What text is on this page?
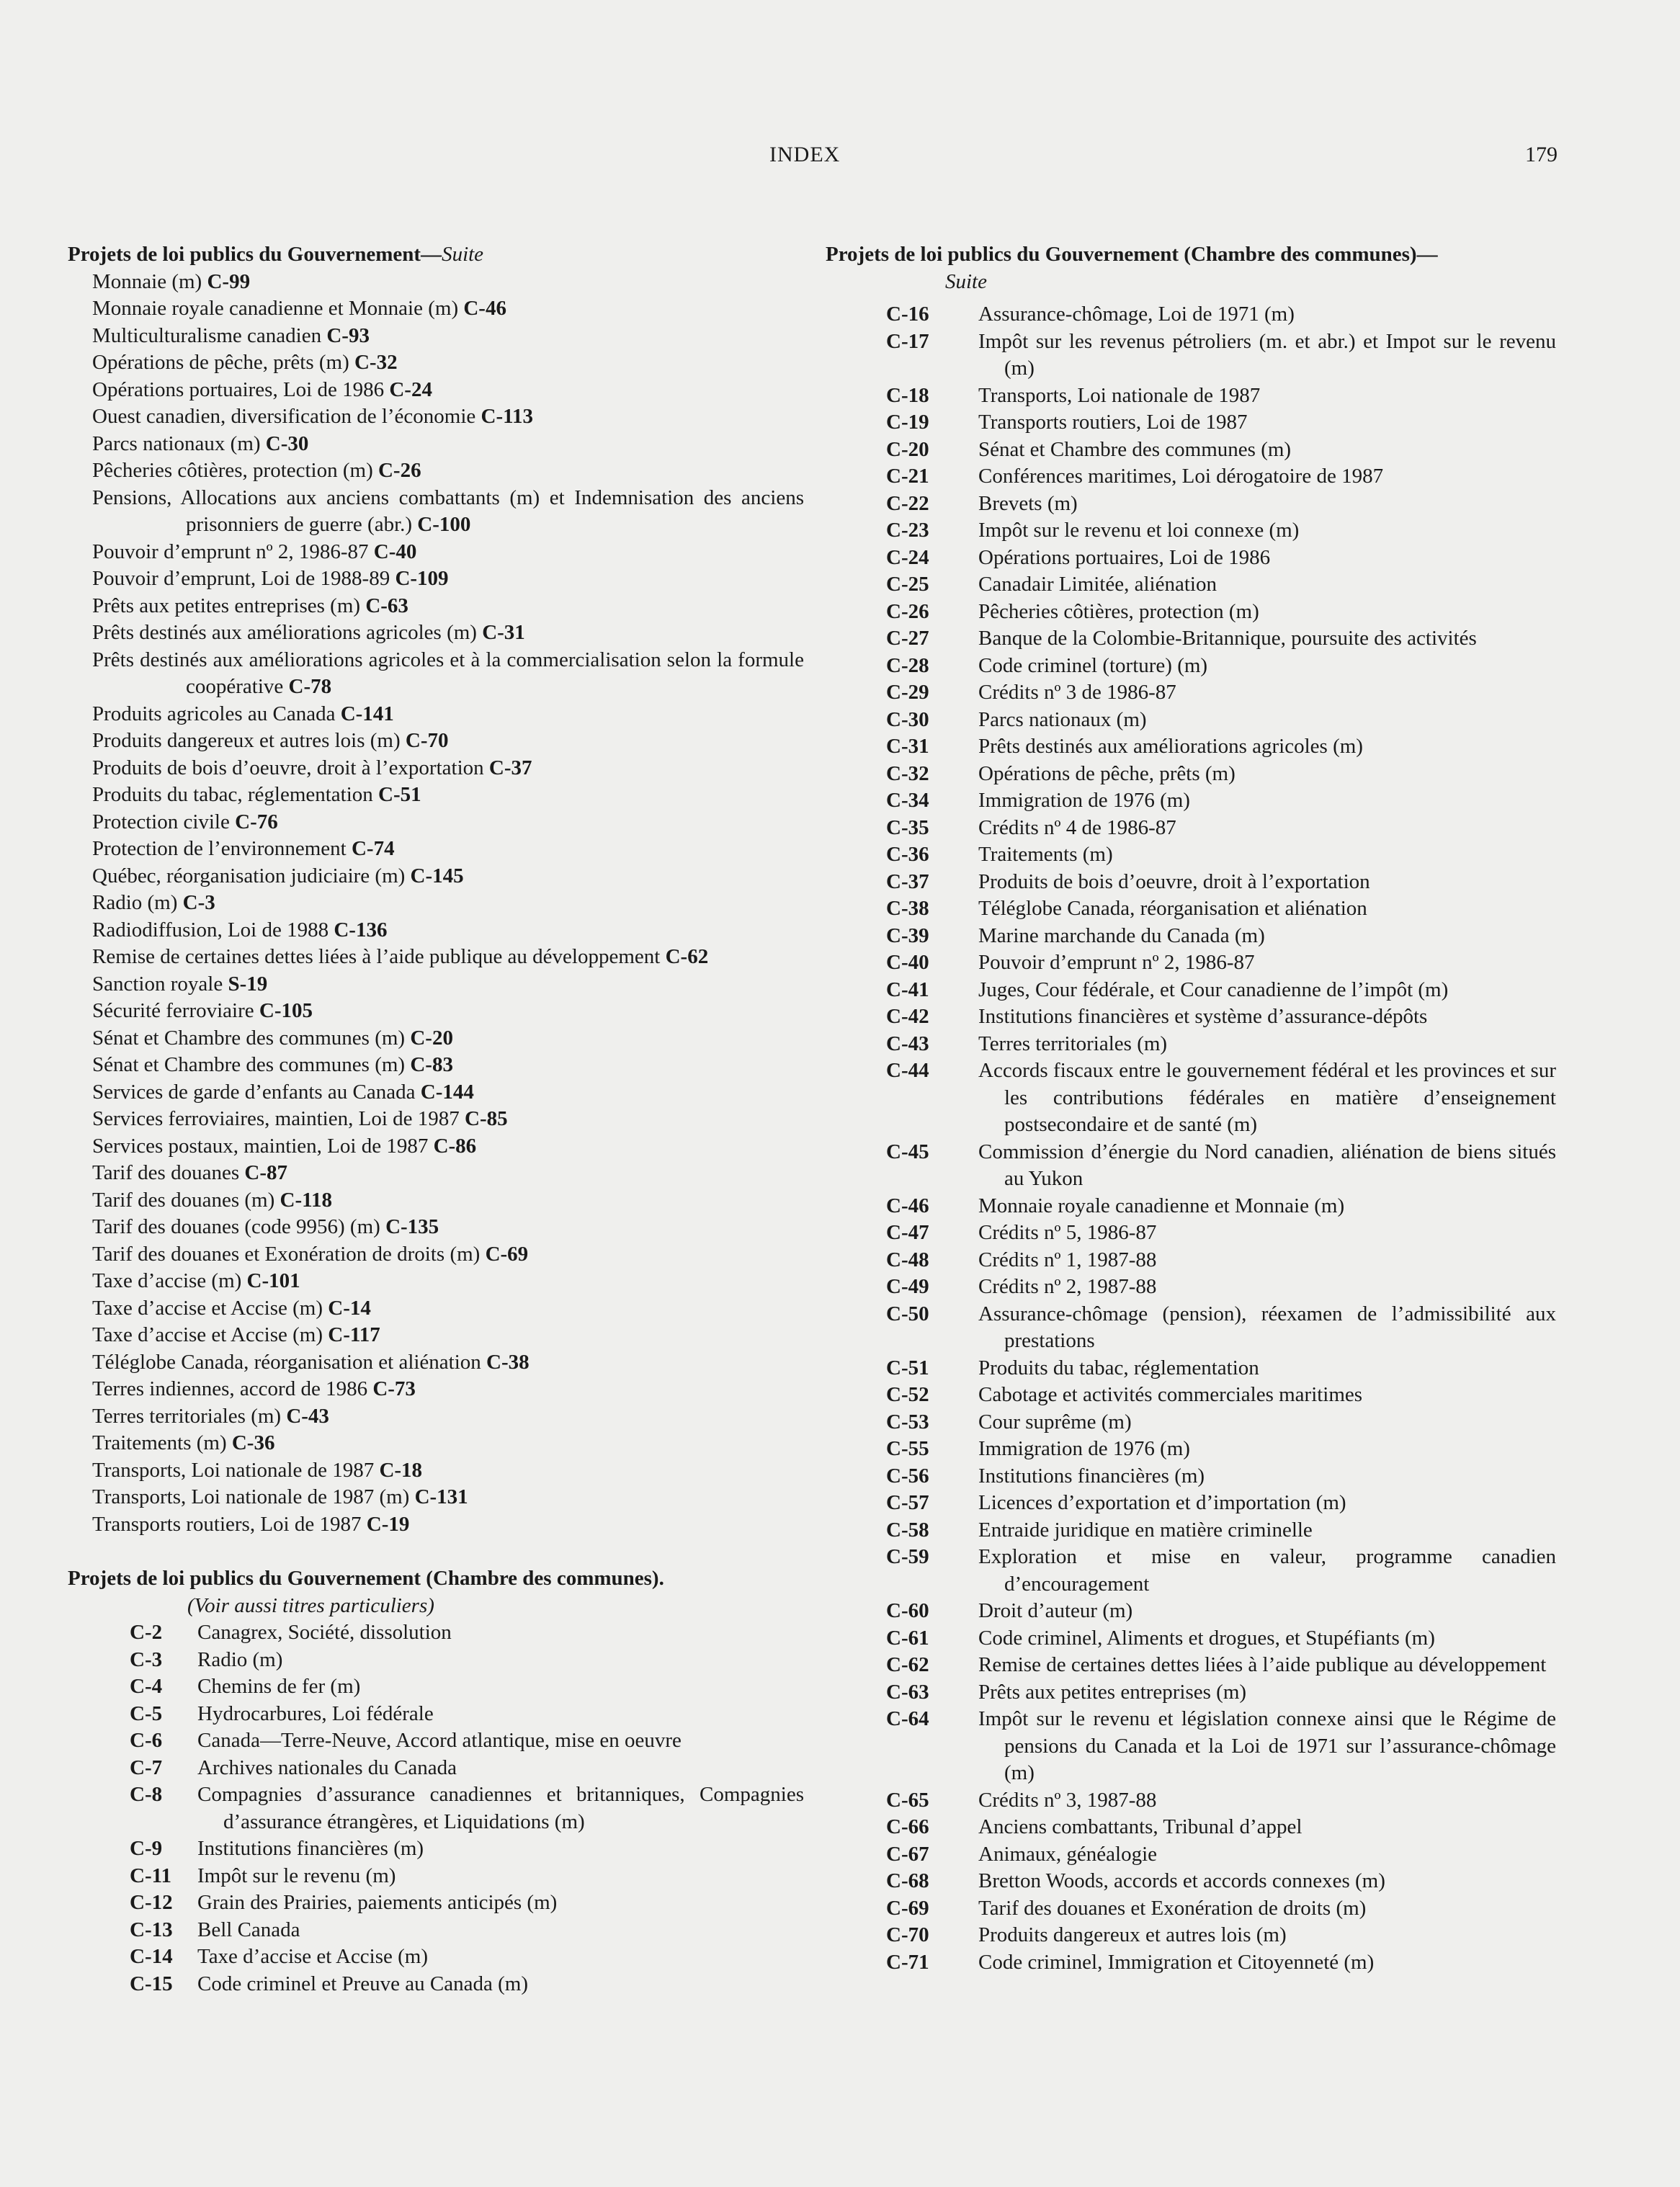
INDEX	179
Projets de loi publics du Gouvernement—Suite
Monnaie (m) C-99
Monnaie royale canadienne et Monnaie (m) C-46
Multiculturalisme canadien C-93
Opérations de pêche, prêts (m) C-32
Opérations portuaires, Loi de 1986 C-24
Ouest canadien, diversification de l’économie C-113
Parcs nationaux (m) C-30
Pêcheries côtières, protection (m) C-26
Pensions, Allocations aux anciens combattants (m) et Indemnisation des anciens prisonniers de guerre (abr.) C-100
Pouvoir d’emprunt nº 2, 1986-87 C-40
Pouvoir d’emprunt, Loi de 1988-89 C-109
Prêts aux petites entreprises (m) C-63
Prêts destinés aux améliorations agricoles (m) C-31
Prêts destinés aux améliorations agricoles et à la commercialisation selon la formule coopérative C-78
Produits agricoles au Canada C-141
Produits dangereux et autres lois (m) C-70
Produits de bois d’oeuvre, droit à l’exportation C-37
Produits du tabac, réglementation C-51
Protection civile C-76
Protection de l’environnement C-74
Québec, réorganisation judiciaire (m) C-145
Radio (m) C-3
Radiodiffusion, Loi de 1988 C-136
Remise de certaines dettes liées à l’aide publique au développement C-62
Sanction royale S-19
Sécurité ferroviaire C-105
Sénat et Chambre des communes (m) C-20
Sénat et Chambre des communes (m) C-83
Services de garde d’enfants au Canada C-144
Services ferroviaires, maintien, Loi de 1987 C-85
Services postaux, maintien, Loi de 1987 C-86
Tarif des douanes C-87
Tarif des douanes (m) C-118
Tarif des douanes (code 9956) (m) C-135
Tarif des douanes et Exonération de droits (m) C-69
Taxe d’accise (m) C-101
Taxe d’accise et Accise (m) C-14
Taxe d’accise et Accise (m) C-117
Téléglobe Canada, réorganisation et aliénation C-38
Terres indiennes, accord de 1986 C-73
Terres territoriales (m) C-43
Traitements (m) C-36
Transports, Loi nationale de 1987 C-18
Transports, Loi nationale de 1987 (m) C-131
Transports routiers, Loi de 1987 C-19
Projets de loi publics du Gouvernement (Chambre des communes).
(Voir aussi titres particuliers)
C-2	Canagrex, Société, dissolution
C-3	Radio (m)
C-4	Chemins de fer (m)
C-5	Hydrocarbures, Loi fédérale
C-6	Canada—Terre-Neuve, Accord atlantique, mise en oeuvre
C-7	Archives nationales du Canada
C-8	Compagnies d’assurance canadiennes et britanniques, Compagnies d’assurance étrangères, et Liquidations (m)
C-9	Institutions financières (m)
C-11	Impôt sur le revenu (m)
C-12	Grain des Prairies, paiements anticipés (m)
C-13	Bell Canada
C-14	Taxe d’accise et Accise (m)
C-15	Code criminel et Preuve au Canada (m)
Projets de loi publics du Gouvernement (Chambre des communes)—
Suite
C-16	Assurance-chômage, Loi de 1971 (m)
C-17	Impôt sur les revenus pétroliers (m. et abr.) et Impot sur le revenu (m)
C-18	Transports, Loi nationale de 1987
C-19	Transports routiers, Loi de 1987
C-20	Sénat et Chambre des communes (m)
C-21	Conférences maritimes, Loi dérogatoire de 1987
C-22	Brevets (m)
C-23	Impôt sur le revenu et loi connexe (m)
C-24	Opérations portuaires, Loi de 1986
C-25	Canadair Limitée, aliénation
C-26	Pêcheries côtières, protection (m)
C-27	Banque de la Colombie-Britannique, poursuite des activités
C-28	Code criminel (torture) (m)
C-29	Crédits nº 3 de 1986-87
C-30	Parcs nationaux (m)
C-31	Prêts destinés aux améliorations agricoles (m)
C-32	Opérations de pêche, prêts (m)
C-34	Immigration de 1976 (m)
C-35	Crédits nº 4 de 1986-87
C-36	Traitements (m)
C-37	Produits de bois d’oeuvre, droit à l’exportation
C-38	Téléglobe Canada, réorganisation et aliénation
C-39	Marine marchande du Canada (m)
C-40	Pouvoir d’emprunt nº 2, 1986-87
C-41	Juges, Cour fédérale, et Cour canadienne de l’impôt (m)
C-42	Institutions financières et système d’assurance-dépôts
C-43	Terres territoriales (m)
C-44	Accords fiscaux entre le gouvernement fédéral et les provinces et sur les contributions fédérales en matière d’enseignement postsecondaire et de santé (m)
C-45	Commission d’énergie du Nord canadien, aliénation de biens situés au Yukon
C-46	Monnaie royale canadienne et Monnaie (m)
C-47	Crédits nº 5, 1986-87
C-48	Crédits nº 1, 1987-88
C-49	Crédits nº 2, 1987-88
C-50	Assurance-chômage (pension), réexamen de l’admissibilité aux prestations
C-51	Produits du tabac, réglementation
C-52	Cabotage et activités commerciales maritimes
C-53	Cour suprême (m)
C-55	Immigration de 1976 (m)
C-56	Institutions financières (m)
C-57	Licences d’exportation et d’importation (m)
C-58	Entraide juridique en matière criminelle
C-59	Exploration et mise en valeur, programme canadien d’encouragement
C-60	Droit d’auteur (m)
C-61	Code criminel, Aliments et drogues, et Stupéfiants (m)
C-62	Remise de certaines dettes liées à l’aide publique au développement
C-63	Prêts aux petites entreprises (m)
C-64	Impôt sur le revenu et législation connexe ainsi que le Régime de pensions du Canada et la Loi de 1971 sur l’assurance-chômage (m)
C-65	Crédits nº 3, 1987-88
C-66	Anciens combattants, Tribunal d’appel
C-67	Animaux, généalogie
C-68	Bretton Woods, accords et accords connexes (m)
C-69	Tarif des douanes et Exonération de droits (m)
C-70	Produits dangereux et autres lois (m)
C-71	Code criminel, Immigration et Citoyenneté (m)
